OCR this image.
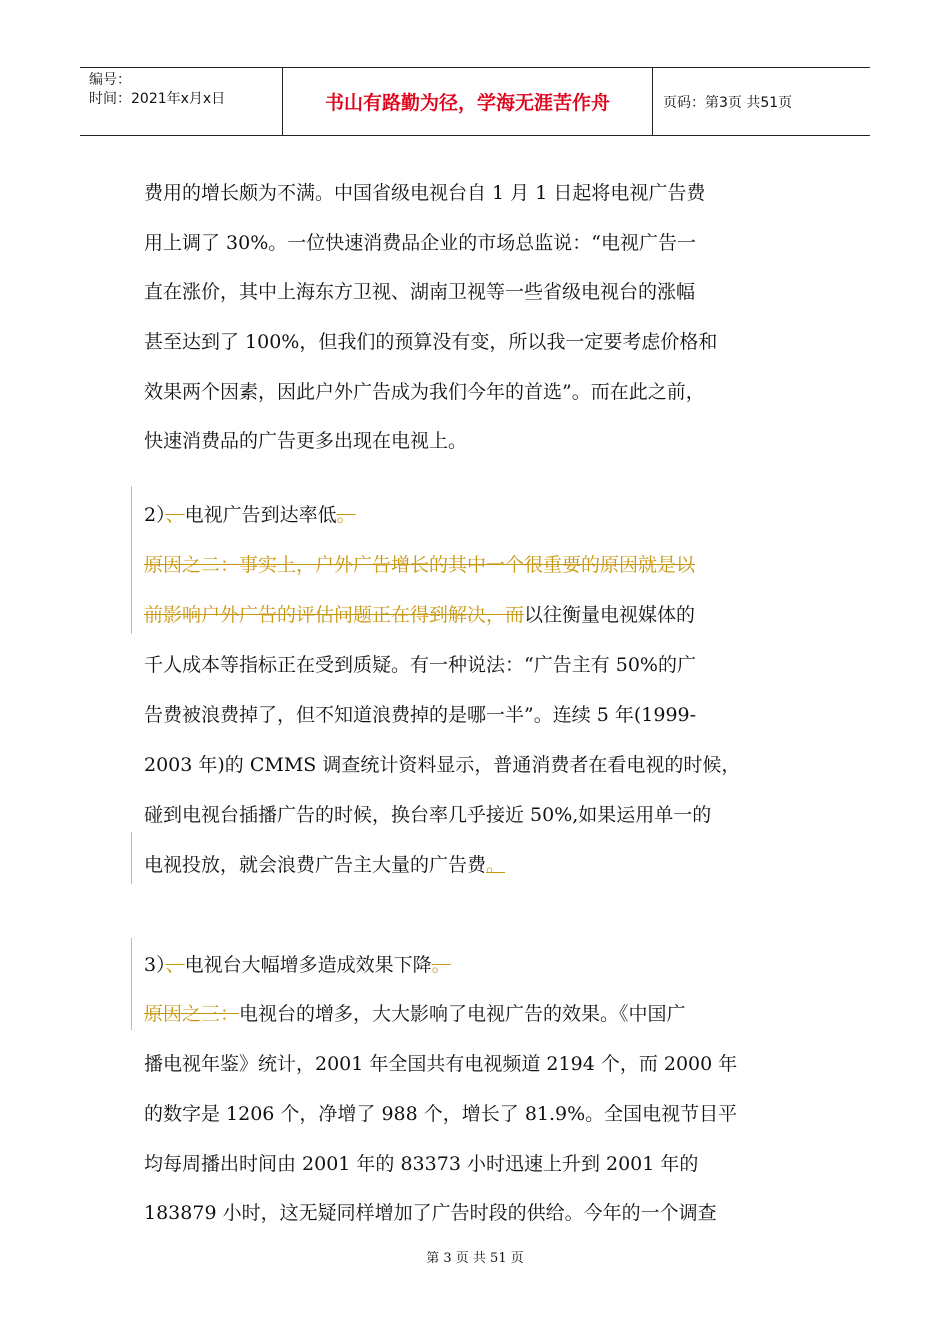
编号：
时间：2021年x月x日	书山有路勤为径，学海无涯苦作舟	页码：第3页 共51页

费用的增长颇为不满。中国省级电视台自 1 月 1 日起将电视广告费

用上调了 30%。一位快速消费品企业的市场总监说：“电视广告一

直在涨价，其中上海东方卫视、湖南卫视等一些省级电视台的涨幅

甚至达到了 100%，但我们的预算没有变，所以我一定要考虑价格和

效果两个因素，因此户外广告成为我们今年的首选”。而在此之前，

快速消费品的广告更多出现在电视上。

2）、电视广告到达率低。

原因之二：事实上，户外广告增长的其中一个很重要的原因就是以

前影响户外广告的评估问题正在得到解决，而以往衡量电视媒体的

千人成本等指标正在受到质疑。有一种说法：“广告主有 50%的广

告费被浪费掉了，但不知道浪费掉的是哪一半”。连续 5 年(1999-

2003 年)的 CMMS 调查统计资料显示，普通消费者在看电视的时候，

碰到电视台插播广告的时候，换台率几乎接近 50%,如果运用单一的

电视投放，就会浪费广告主大量的广告费。

3）、电视台大幅增多造成效果下降。

原因之三：电视台的增多，大大影响了电视广告的效果。《中国广

播电视年鉴》统计，2001 年全国共有电视频道 2194 个，而 2000 年

的数字是 1206 个，净增了 988 个，增长了 81.9%。全国电视节目平

均每周播出时间由 2001 年的 83373 小时迅速上升到 2001 年的

183879 小时，这无疑同样增加了广告时段的供给。今年的一个调查

第 3 页 共 51 页
